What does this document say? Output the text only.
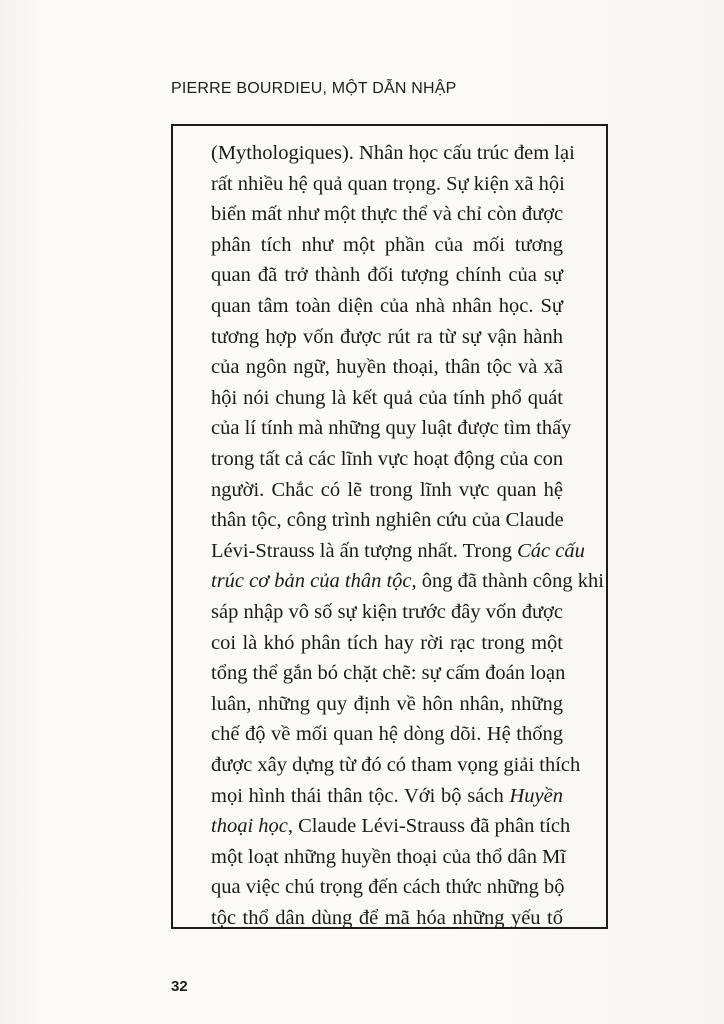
PIERRE BOURDIEU, MỘT DẪN NHẬP
(Mythologiques). Nhân học cấu trúc đem lại
rất nhiều hệ quả quan trọng. Sự kiện xã hội
biến mất như một thực thể và chỉ còn được
phân tích như một phần của mối tương
quan đã trở thành đối tượng chính của sự
quan tâm toàn diện của nhà nhân học. Sự
tương hợp vốn được rút ra từ sự vận hành
của ngôn ngữ, huyền thoại, thân tộc và xã
hội nói chung là kết quả của tính phổ quát
của lí tính mà những quy luật được tìm thấy
trong tất cả các lĩnh vực hoạt động của con
người. Chắc có lẽ trong lĩnh vực quan hệ
thân tộc, công trình nghiên cứu của Claude
Lévi-Strauss là ấn tượng nhất. Trong Các cấu
trúc cơ bản của thân tộc, ông đã thành công khi
sáp nhập vô số sự kiện trước đây vốn được
coi là khó phân tích hay rời rạc trong một
tổng thể gắn bó chặt chẽ: sự cấm đoán loạn
luân, những quy định về hôn nhân, những
chế độ về mối quan hệ dòng dõi. Hệ thống
được xây dựng từ đó có tham vọng giải thích
mọi hình thái thân tộc. Với bộ sách Huyền
thoại học, Claude Lévi-Strauss đã phân tích
một loạt những huyền thoại của thổ dân Mĩ
qua việc chú trọng đến cách thức những bộ
tộc thổ dân dùng để mã hóa những yếu tố
32
